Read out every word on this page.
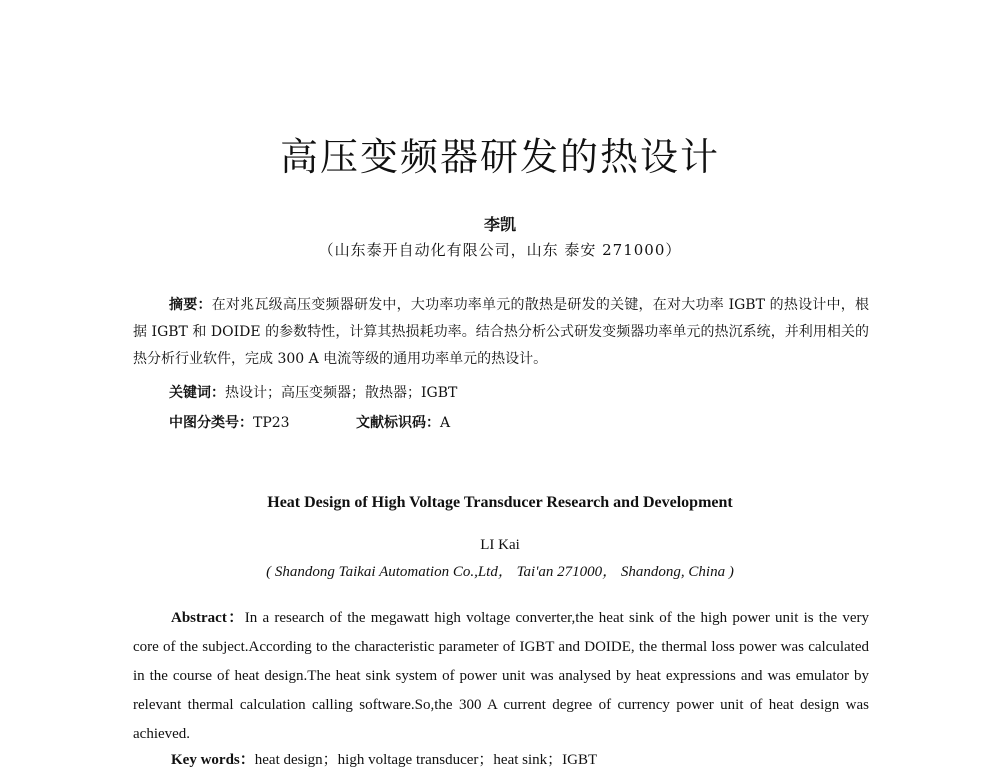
高压变频器研发的热设计
李凯
（山东泰开自动化有限公司，山东 泰安 271000）

摘要：在对兆瓦级高压变频器研发中，大功率功率单元的散热是研发的关键，在对大功率 IGBT 的热设计中，根据 IGBT 和 DOIDE 的参数特性，计算其热损耗功率。结合热分析公式研发变频器功率单元的热沉系统，并利用相关的热分析行业软件，完成 300 A 电流等级的通用功率单元的热设计。

关键词：热设计；高压变频器；散热器；IGBT
中图分类号：TP23	文献标识码：A
Heat Design of High Voltage Transducer Research and Development
LI Kai
( Shandong Taikai Automation Co.,Ltd， Tai'an 271000， Shandong, China )

Abstract：In a research of the megawatt high voltage converter,the heat sink of the high power unit is the very core of the subject.According to the characteristic parameter of IGBT and DOIDE, the thermal loss power was calculated in the course of heat design.The heat sink system of power unit was analysed by heat expressions and was emulator by relevant thermal calculation calling software.So,the 300 A current degree of currency power unit of heat design was achieved.

Key words：heat design；high voltage transducer；heat sink；IGBT
